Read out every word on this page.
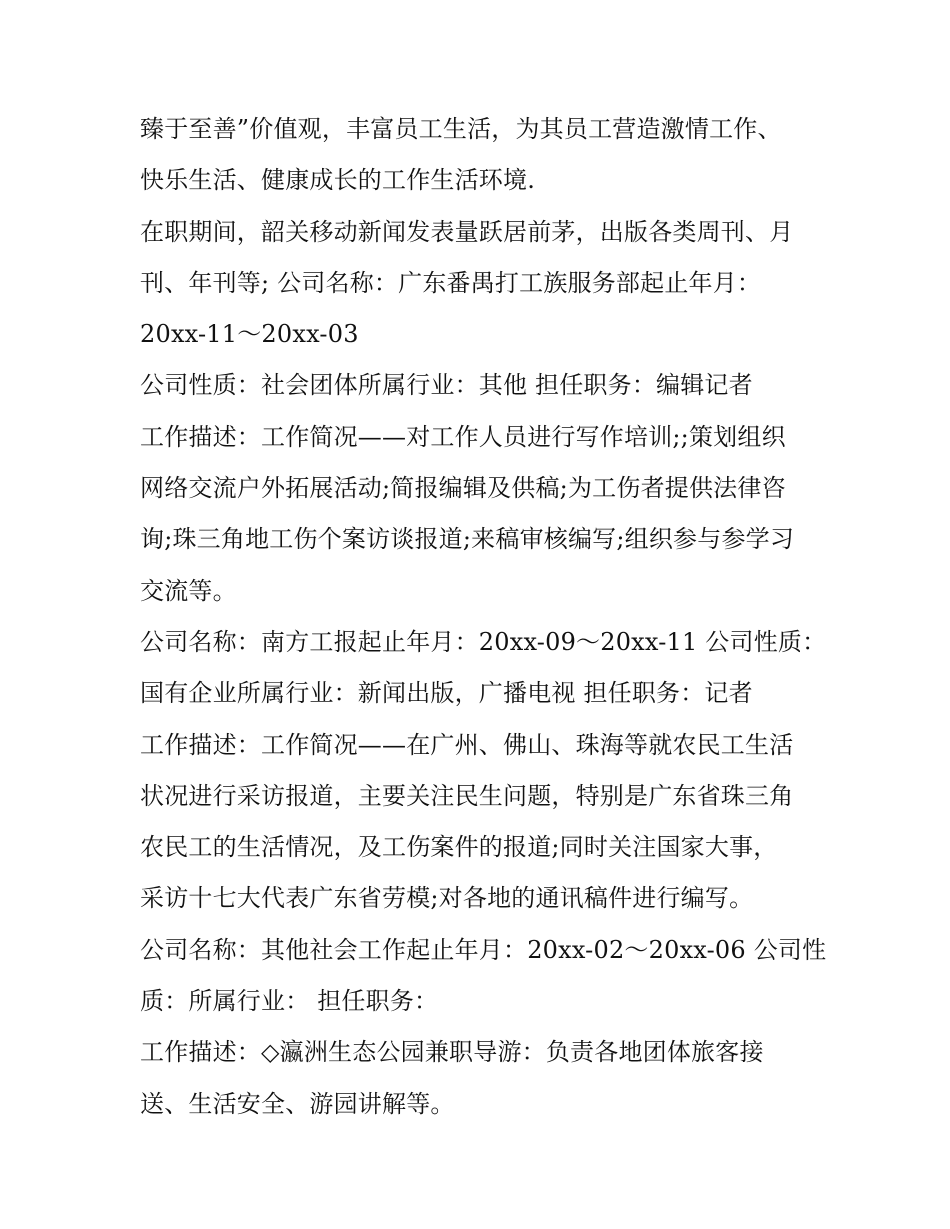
臻于至善”价值观，丰富员工生活，为其员工营造激情工作、
快乐生活、健康成长的工作生活环境.
在职期间，韶关移动新闻发表量跃居前茅，出版各类周刊、月
刊、年刊等; 公司名称：广东番禺打工族服务部起止年月：
20xx-11～20xx-03
公司性质：社会团体所属行业：其他 担任职务：编辑记者
工作描述：工作简况——对工作人员进行写作培训;;策划组织
网络交流户外拓展活动;简报编辑及供稿;为工伤者提供法律咨
询;珠三角地工伤个案访谈报道;来稿审核编写;组织参与参学习
交流等。
公司名称：南方工报起止年月：20xx-09～20xx-11 公司性质：
国有企业所属行业：新闻出版，广播电视 担任职务：记者
工作描述：工作简况——在广州、佛山、珠海等就农民工生活
状况进行采访报道，主要关注民生问题，特别是广东省珠三角
农民工的生活情况，及工伤案件的报道;同时关注国家大事，
采访十七大代表广东省劳模;对各地的通讯稿件进行编写。
公司名称：其他社会工作起止年月：20xx-02～20xx-06 公司性
质：所属行业： 担任职务：
工作描述：◇瀛洲生态公园兼职导游：负责各地团体旅客接
送、生活安全、游园讲解等。
